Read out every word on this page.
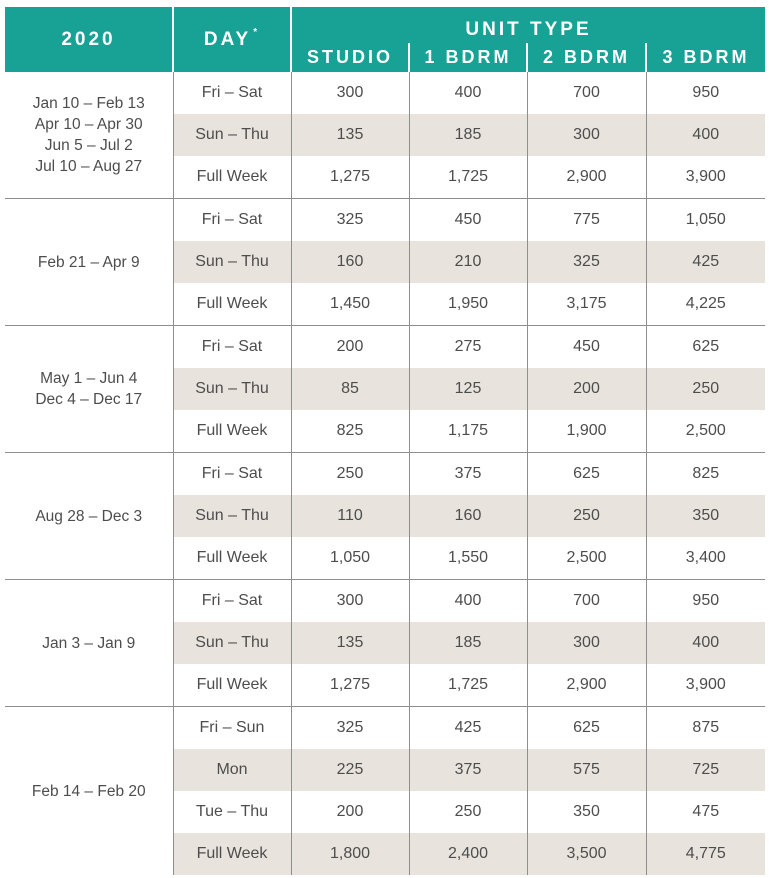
2020	DAY *	UNIT TYPE			
		STUDIO	1 BDRM	2 BDRM	3 BDRM

Jan 10 – Feb 13
Apr 10 – Apr 30
Jun 5 – Jul 2
Jul 10 – Aug 27	Fri – Sat	300	400	700	950
	Sun – Thu	135	185	300	400
	Full Week	1,275	1,725	2,900	3,900

Feb 21 – Apr 9	Fri – Sat	325	450	775	1,050
	Sun – Thu	160	210	325	425
	Full Week	1,450	1,950	3,175	4,225

May 1 – Jun 4
Dec 4 – Dec 17	Fri – Sat	200	275	450	625
	Sun – Thu	85	125	200	250
	Full Week	825	1,175	1,900	2,500

Aug 28 – Dec 3	Fri – Sat	250	375	625	825
	Sun – Thu	110	160	250	350
	Full Week	1,050	1,550	2,500	3,400

Jan 3 – Jan 9	Fri – Sat	300	400	700	950
	Sun – Thu	135	185	300	400
	Full Week	1,275	1,725	2,900	3,900

Feb 14 – Feb 20	Fri – Sun	325	425	625	875
	Mon	225	375	575	725
	Tue – Thu	200	250	350	475
	Full Week	1,800	2,400	3,500	4,775
